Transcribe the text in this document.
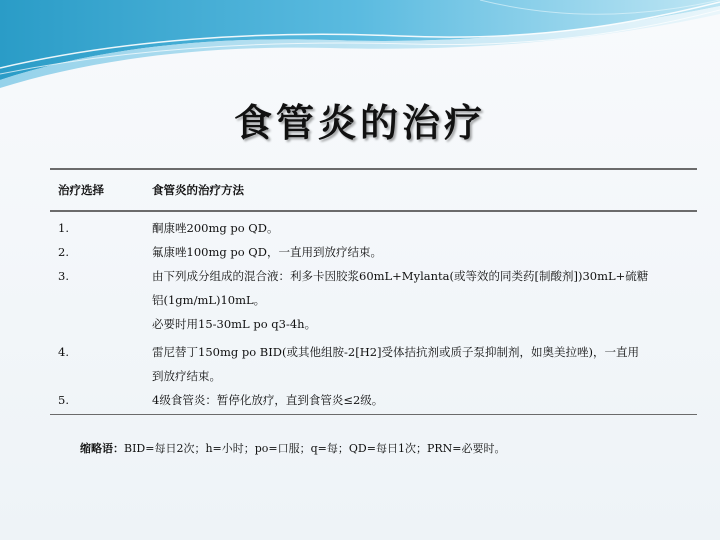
食管炎的治疗
治疗选择	食管炎的治疗方法
1.	酮康唑200mg po QD。
2.	氟康唑100mg po QD，一直用到放疗结束。
3.	由下列成分组成的混合液：利多卡因胶浆60mL+Mylanta(或等效的同类药[制酸剂])30mL+硫糖
铝(1gm/mL)10mL。
必要时用15-30mL po q3-4h。
4.	雷尼替丁150mg po BID(或其他组胺-2[H2]受体拮抗剂或质子泵抑制剂，如奥美拉唑)，一直用
到放疗结束。
5.	4级食管炎：暂停化放疗，直到食管炎≤2级。
缩略语：BID=每日2次；h=小时；po=口服；q=每；QD=每日1次；PRN=必要时。
